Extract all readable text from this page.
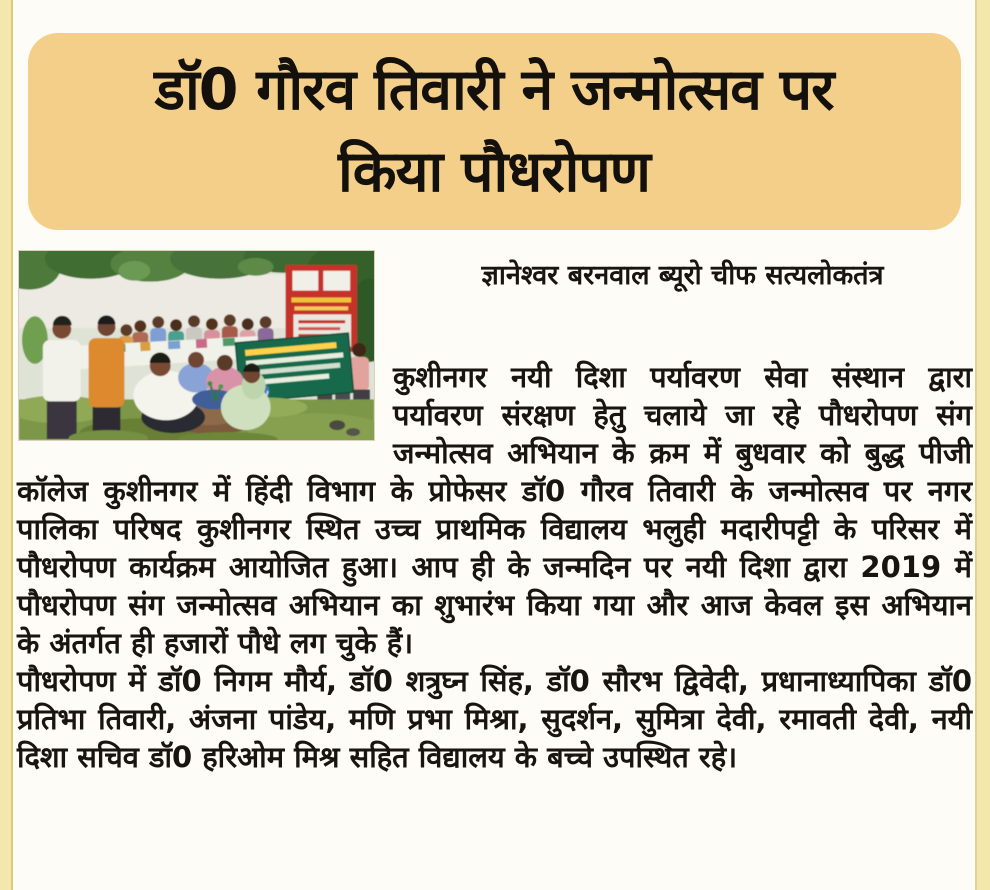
डॉ0 गौरव तिवारी ने जन्मोत्सव पर
किया पौधरोपण
ज्ञानेश्वर बरनवाल ब्यूरो चीफ सत्यलोकतंत्र

कुशीनगर नयी दिशा पर्यावरण सेवा संस्थान द्वारा पर्यावरण संरक्षण हेतु चलाये जा रहे पौधरोपण संग जन्मोत्सव अभियान के क्रम में बुधवार को बुद्ध पीजी कॉलेज कुशीनगर में हिंदी विभाग के प्रोफेसर डॉ0 गौरव तिवारी के जन्मोत्सव पर नगर पालिका परिषद कुशीनगर स्थित उच्च प्राथमिक विद्यालय भलुही मदारीपट्टी के परिसर में पौधरोपण कार्यक्रम आयोजित हुआ। आप ही के जन्मदिन पर नयी दिशा द्वारा 2019 में पौधरोपण संग जन्मोत्सव अभियान का शुभारंभ किया गया और आज केवल इस अभियान के अंतर्गत ही हजारों पौधे लग चुके हैं।

पौधरोपण में डॉ0 निगम मौर्य, डॉ0 शत्रुघ्न सिंह, डॉ0 सौरभ द्विवेदी, प्रधानाध्यापिका डॉ0 प्रतिभा तिवारी, अंजना पांडेय, मणि प्रभा मिश्रा, सुदर्शन, सुमित्रा देवी, रमावती देवी, नयी दिशा सचिव डॉ0 हरिओम मिश्र सहित विद्यालय के बच्चे उपस्थित रहे।
